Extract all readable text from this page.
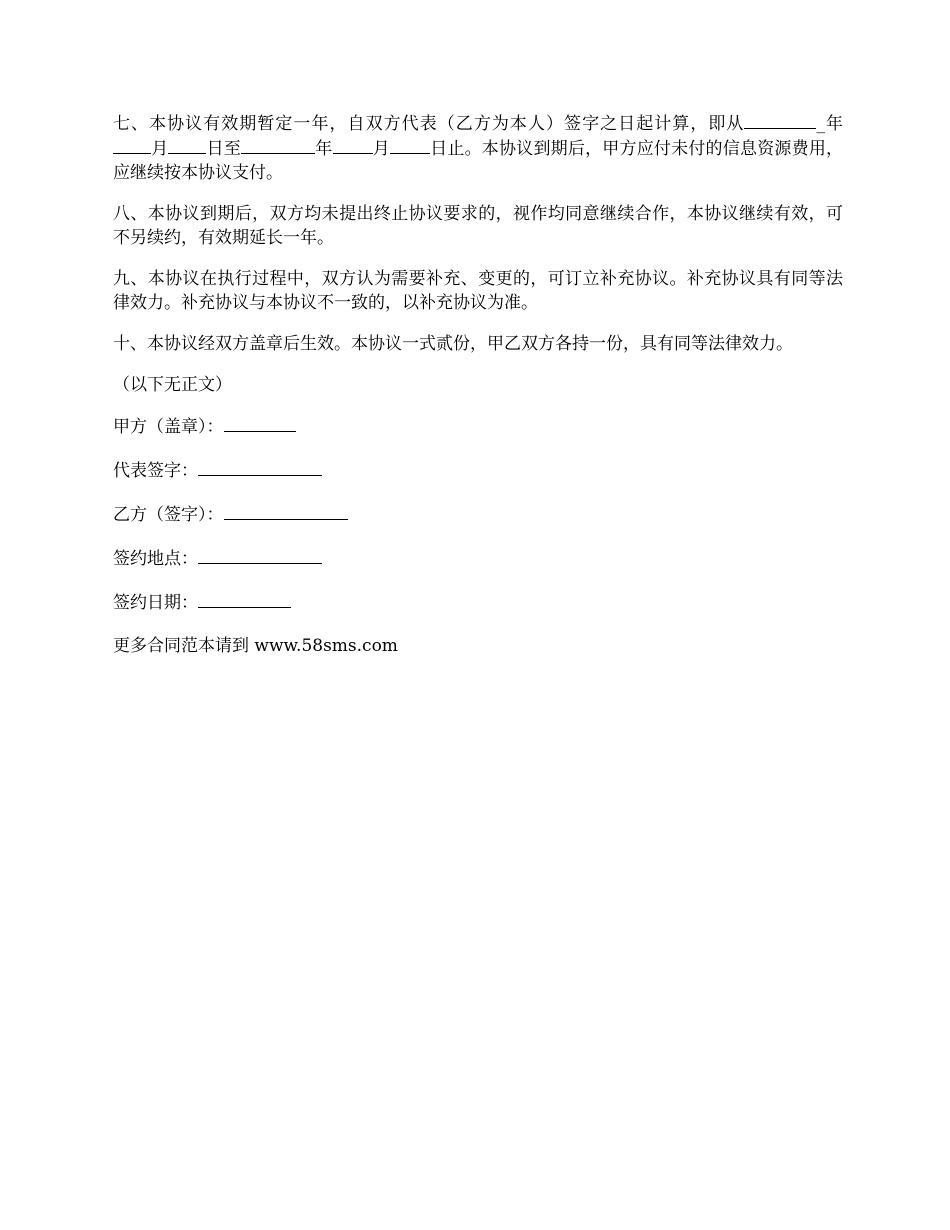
七、本协议有效期暂定一年，自双方代表（乙方为本人）签字之日起计算，即从	_年月 日至	年 月 日止。本协议到期后，甲方应付未付的信息资源费用，应继续按本协议支付。

八、本协议到期后，双方均未提出终止协议要求的，视作均同意继续合作，本协议继续有效，可不另续约，有效期延长一年。

九、本协议在执行过程中，双方认为需要补充、变更的，可订立补充协议。补充协议具有同等法律效力。补充协议与本协议不一致的，以补充协议为准。

十、本协议经双方盖章后生效。本协议一式贰份，甲乙双方各持一份，具有同等法律效力。

（以下无正文）

甲方（盖章）：

代表签字：

乙方（签字）：

签约地点：

签约日期：

更多合同范本请到 www.58sms.com
